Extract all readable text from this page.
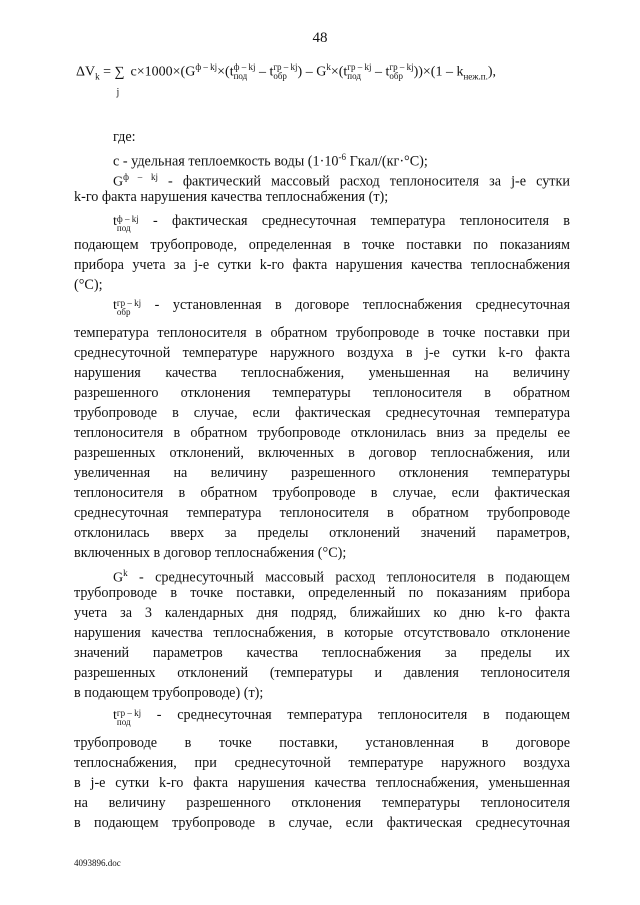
48
$\Delta V_k$ = ∑
j
$c\times 1000\times(G^{ф - kj}\times(tф$ – kj
под – tгр – kj
обр ) – $G^k\times(tгр$ – kj
под – tгр – kj
обр ))$\times(1 - k_{неж.п.})$,
где:
c - удельная теплоемкость воды ($1\cdot 10^{-6}$ Гкал/(кг·°С);
$G^{ф - kj}$ - фактический массовый расход теплоносителя за j-е сутки
k-го факта нарушения качества теплоснабжения (т);
tф – kj
под - фактическая среднесуточная температура теплоносителя в
подающем трубопроводе, определенная в точке поставки по показаниям
прибора учета за j-е сутки k-го факта нарушения качества теплоснабжения
(°С);
tгр – kj
обр - установленная в договоре теплоснабжения среднесуточная
температура теплоносителя в обратном трубопроводе в точке поставки при
среднесуточной температуре наружного воздуха в j-е сутки k-го факта
нарушения качества теплоснабжения, уменьшенная на величину
разрешенного отклонения температуры теплоносителя в обратном
трубопроводе в случае, если фактическая среднесуточная температура
теплоносителя в обратном трубопроводе отклонилась вниз за пределы ее
разрешенных отклонений, включенных в договор теплоснабжения, или
увеличенная на величину разрешенного отклонения температуры
теплоносителя в обратном трубопроводе в случае, если фактическая
среднесуточная температура теплоносителя в обратном трубопроводе
отклонилась вверх за пределы отклонений значений параметров,
включенных в договор теплоснабжения (°С);
$G^k$ - среднесуточный массовый расход теплоносителя в подающем
трубопроводе в точке поставки, определенный по показаниям прибора
учета за 3 календарных дня подряд, ближайших ко дню k-го факта
нарушения качества теплоснабжения, в которые отсутствовало отклонение
значений параметров качества теплоснабжения за пределы их
разрешенных отклонений (температуры и давления теплоносителя
в подающем трубопроводе) (т);
tгр – kj
под - среднесуточная температура теплоносителя в подающем
трубопроводе в точке поставки, установленная в договоре
теплоснабжения, при среднесуточной температуре наружного воздуха
в j-е сутки k-го факта нарушения качества теплоснабжения, уменьшенная
на величину разрешенного отклонения температуры теплоносителя
в подающем трубопроводе в случае, если фактическая среднесуточная
4093896.doc
